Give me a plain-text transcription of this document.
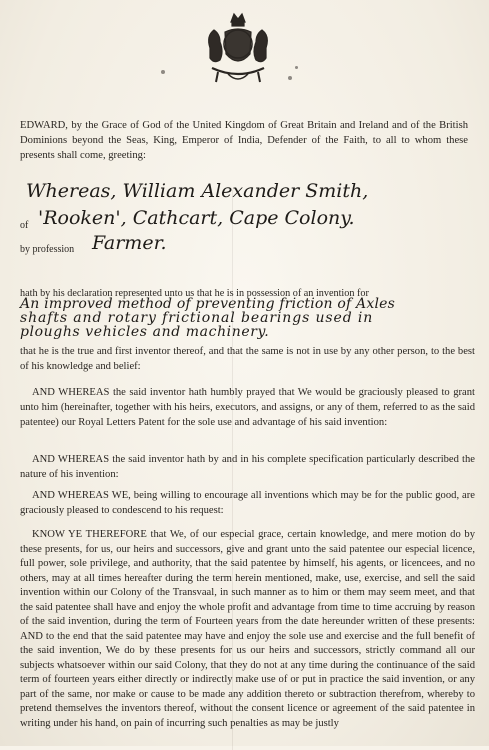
EDWARD, by the Grace of God of the United Kingdom of Great Britain and Ireland and of the British Dominions beyond the Seas, King, Emperor of India, Defender of the Faith, to all to whom these presents shall come, greeting:
Whereas, William Alexander Smith,
of 'Rooken', Cathcart, Cape Colony.
by profession Farmer.
hath by his declaration represented unto us that he is in possession of an invention for
An improved method of preventing friction of Axles
shafts and rotary frictional bearings used in
ploughs vehicles and machinery.
that he is the true and first inventor thereof, and that the same is not in use by any other person, to the best of his knowledge and belief:
AND WHEREAS the said inventor hath humbly prayed that We would be graciously pleased to grant unto him (hereinafter, together with his heirs, executors, and assigns, or any of them, referred to as the said patentee) our Royal Letters Patent for the sole use and advantage of his said invention:
AND WHEREAS the said inventor hath by and in his complete specification particularly described the nature of his invention:
AND WHEREAS WE, being willing to encourage all inventions which may be for the public good, are graciously pleased to condescend to his request:
KNOW YE THEREFORE that We, of our especial grace, certain knowledge, and mere motion do by these presents, for us, our heirs and successors, give and grant unto the said patentee our especial licence, full power, sole privilege, and authority, that the said patentee by himself, his agents, or licencees, and no others, may at all times hereafter during the term herein mentioned, make, use, exercise, and sell the said invention within our Colony of the Transvaal, in such manner as to him or them may seem meet, and that the said patentee shall have and enjoy the whole profit and advantage from time to time accruing by reason of the said invention, during the term of Fourteen years from the date hereunder written of these presents: AND to the end that the said patentee may have and enjoy the sole use and exercise and the full benefit of the said invention, We do by these presents for us our heirs and successors, strictly command all our subjects whatsoever within our said Colony, that they do not at any time during the continuance of the said term of fourteen years either directly or indirectly make use of or put in practice the said invention, or any part of the same, nor make or cause to be made any addition thereto or subtraction therefrom, whereby to pretend themselves the inventors thereof, without the consent licence or agreement of the said patentee in writing under his hand, on pain of incurring such penalties as may be justly
